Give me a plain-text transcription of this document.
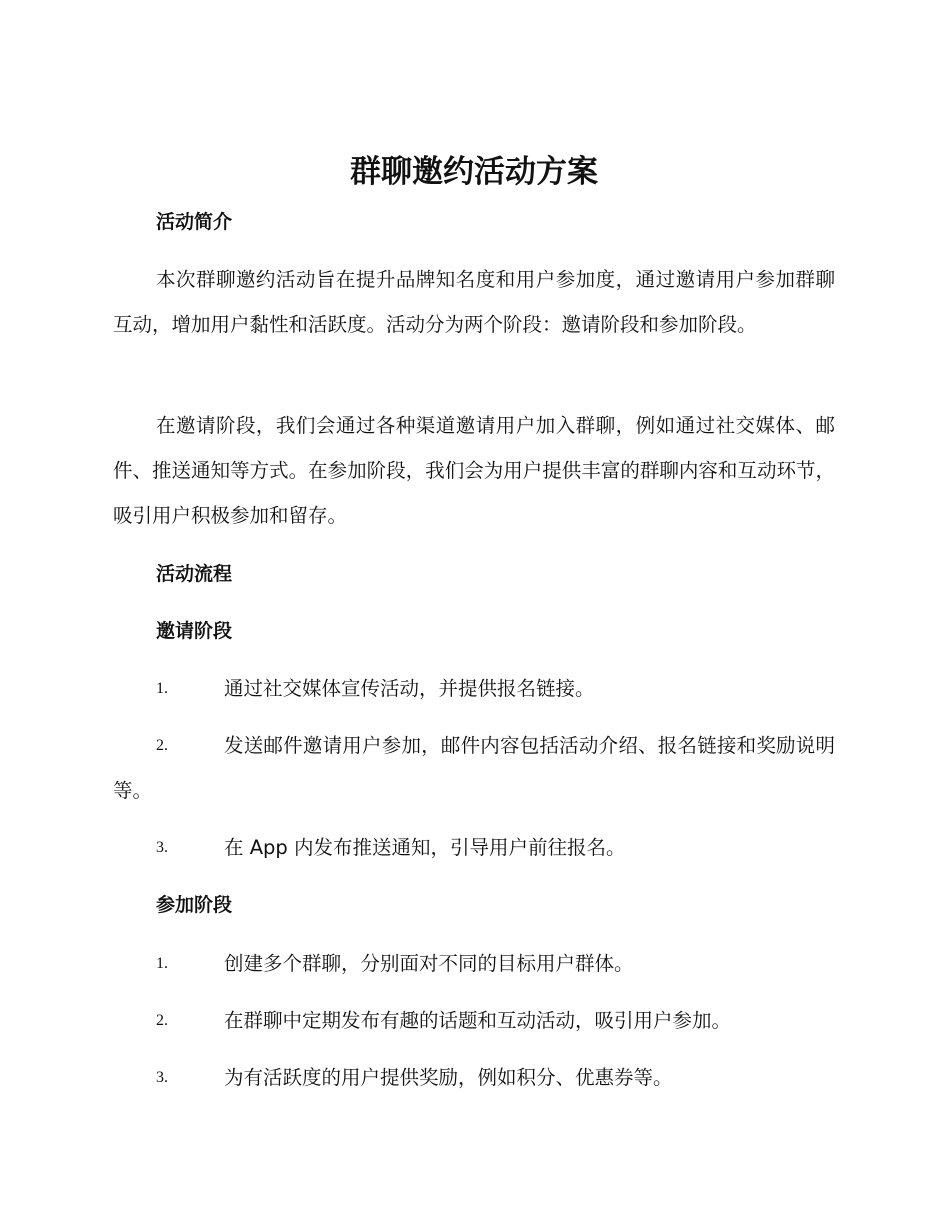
群聊邀约活动方案
活动简介

本次群聊邀约活动旨在提升品牌知名度和用户参加度，通过邀请用户参加群聊互动，增加用户黏性和活跃度。活动分为两个阶段：邀请阶段和参加阶段。

在邀请阶段，我们会通过各种渠道邀请用户加入群聊，例如通过社交媒体、邮件、推送通知等方式。在参加阶段，我们会为用户提供丰富的群聊内容和互动环节，吸引用户积极参加和留存。

活动流程
邀请阶段
1.	通过社交媒体宣传活动，并提供报名链接。
2.	发送邮件邀请用户参加，邮件内容包括活动介绍、报名链接和奖励说明等。
3.	在 App 内发布推送通知，引导用户前往报名。
参加阶段
1.	创建多个群聊，分别面对不同的目标用户群体。
2.	在群聊中定期发布有趣的话题和互动活动，吸引用户参加。
3.	为有活跃度的用户提供奖励，例如积分、优惠券等。
